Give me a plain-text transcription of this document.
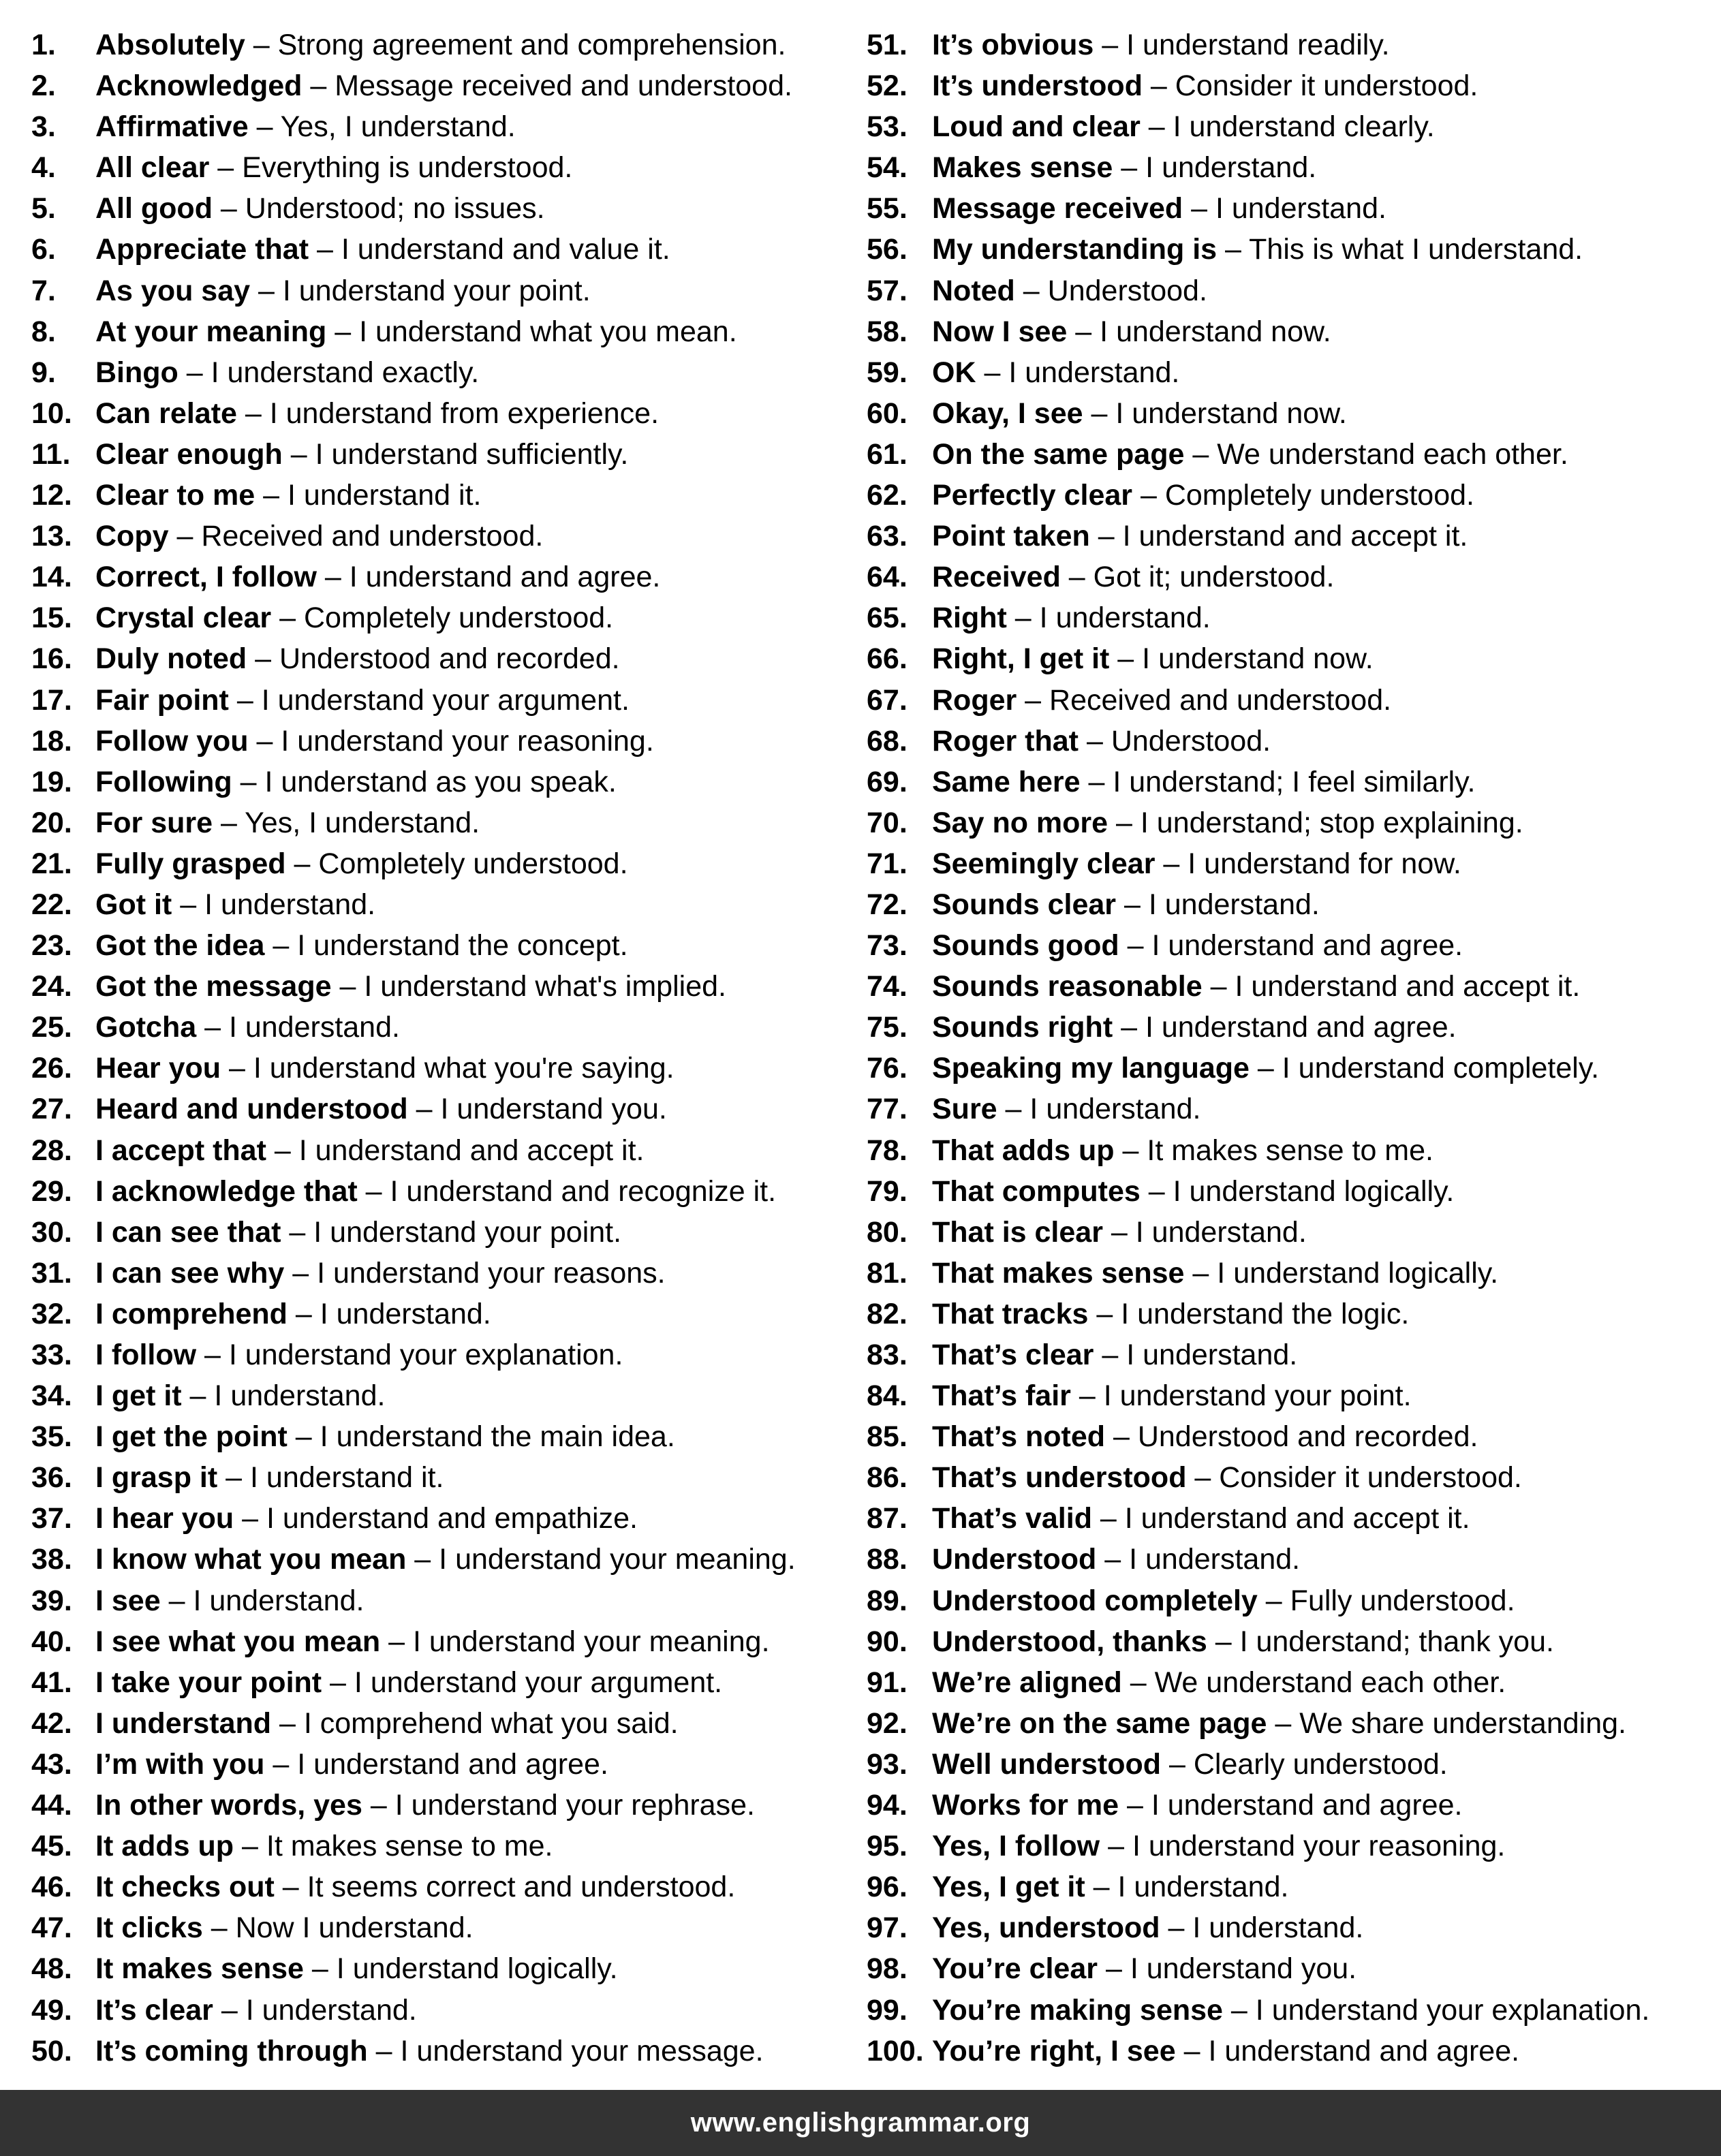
1.	Absolutely – Strong agreement and comprehension.
2.	Acknowledged – Message received and understood.
3.	Affirmative – Yes, I understand.
4.	All clear – Everything is understood.
5.	All good – Understood; no issues.
6.	Appreciate that – I understand and value it.
7.	As you say – I understand your point.
8.	At your meaning – I understand what you mean.
9.	Bingo – I understand exactly.
10. Can relate – I understand from experience.
11. Clear enough – I understand sufficiently.
12. Clear to me – I understand it.
13. Copy – Received and understood.
14. Correct, I follow – I understand and agree.
15. Crystal clear – Completely understood.
16. Duly noted – Understood and recorded.
17. Fair point – I understand your argument.
18. Follow you – I understand your reasoning.
19. Following – I understand as you speak.
20. For sure – Yes, I understand.
21. Fully grasped – Completely understood.
22. Got it – I understand.
23. Got the idea – I understand the concept.
24. Got the message – I understand what's implied.
25. Gotcha – I understand.
26. Hear you – I understand what you're saying.
27. Heard and understood – I understand you.
28. I accept that – I understand and accept it.
29. I acknowledge that – I understand and recognize it.
30. I can see that – I understand your point.
31. I can see why – I understand your reasons.
32. I comprehend – I understand.
33. I follow – I understand your explanation.
34. I get it – I understand.
35. I get the point – I understand the main idea.
36. I grasp it – I understand it.
37. I hear you – I understand and empathize.
38. I know what you mean – I understand your meaning.
39. I see – I understand.
40. I see what you mean – I understand your meaning.
41. I take your point – I understand your argument.
42. I understand – I comprehend what you said.
43. I’m with you – I understand and agree.
44. In other words, yes – I understand your rephrase.
45. It adds up – It makes sense to me.
46. It checks out – It seems correct and understood.
47. It clicks – Now I understand.
48. It makes sense – I understand logically.
49. It’s clear – I understand.
50. It’s coming through – I understand your message.
51. It’s obvious – I understand readily.
52. It’s understood – Consider it understood.
53. Loud and clear – I understand clearly.
54. Makes sense – I understand.
55. Message received – I understand.
56. My understanding is – This is what I understand.
57. Noted – Understood.
58. Now I see – I understand now.
59. OK – I understand.
60. Okay, I see – I understand now.
61. On the same page – We understand each other.
62. Perfectly clear – Completely understood.
63. Point taken – I understand and accept it.
64. Received – Got it; understood.
65. Right – I understand.
66. Right, I get it – I understand now.
67. Roger – Received and understood.
68. Roger that – Understood.
69. Same here – I understand; I feel similarly.
70. Say no more – I understand; stop explaining.
71. Seemingly clear – I understand for now.
72. Sounds clear – I understand.
73. Sounds good – I understand and agree.
74. Sounds reasonable – I understand and accept it.
75. Sounds right – I understand and agree.
76. Speaking my language – I understand completely.
77. Sure – I understand.
78. That adds up – It makes sense to me.
79. That computes – I understand logically.
80. That is clear – I understand.
81. That makes sense – I understand logically.
82. That tracks – I understand the logic.
83. That’s clear – I understand.
84. That’s fair – I understand your point.
85. That’s noted – Understood and recorded.
86. That’s understood – Consider it understood.
87. That’s valid – I understand and accept it.
88. Understood – I understand.
89. Understood completely – Fully understood.
90. Understood, thanks – I understand; thank you.
91. We’re aligned – We understand each other.
92. We’re on the same page – We share understanding.
93. Well understood – Clearly understood.
94. Works for me – I understand and agree.
95. Yes, I follow – I understand your reasoning.
96. Yes, I get it – I understand.
97. Yes, understood – I understand.
98. You’re clear – I understand you.
99. You’re making sense – I understand your explanation.
100. You’re right, I see – I understand and agree.
www.englishgrammar.org
